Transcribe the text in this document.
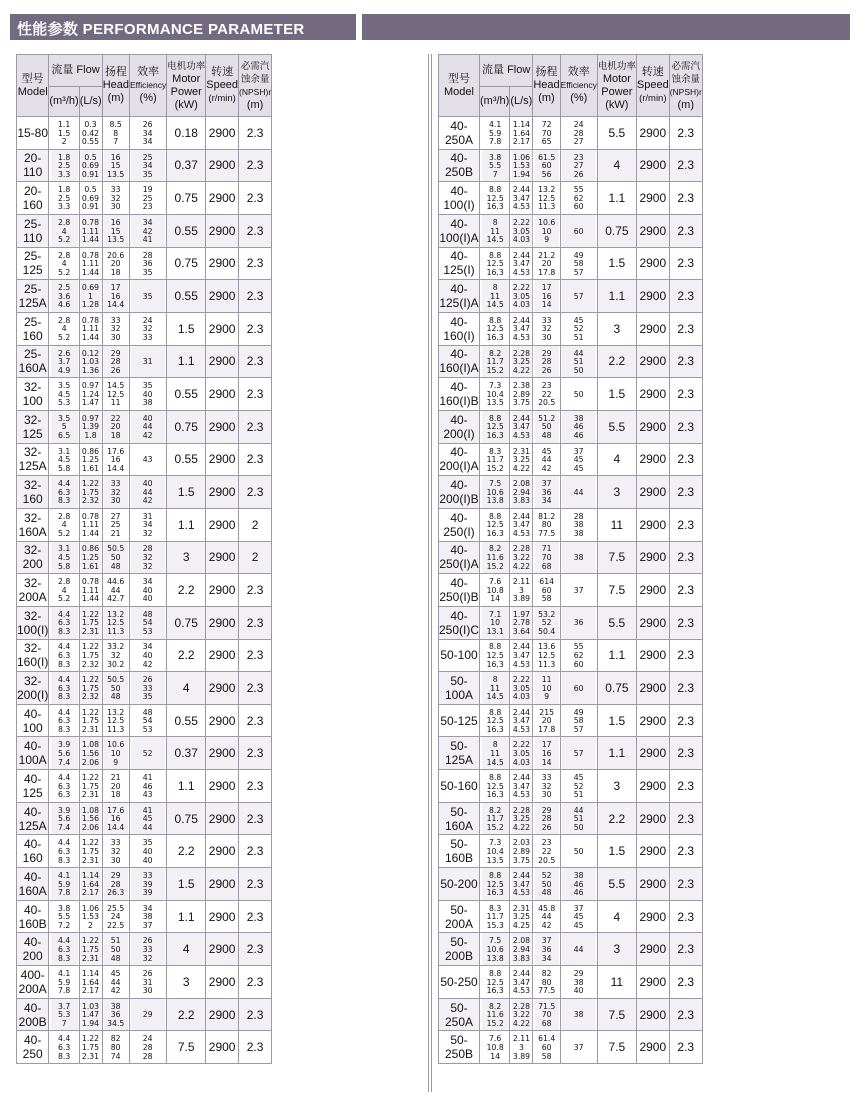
性能参数 PERFORMANCE PARAMETER
型号
Model	流量 Flow		扬程
Head
(m)	效率
Efficiency
(%)	电机功率
Motor
Power
(kW)	转速
Speed
(r/min)	必需汽
蚀余量
(NPSH)r
(m)

	(m³/h)	(L/s)					
15-80	1.1
1.5
2	0.3
0.42
0.55	8.5
8
7	26
34
34	0.18	2900	2.3
20-110	1.8
2.5
3.3	0.5
0.69
0.91	16
15
13.5	25
34
35	0.37	2900	2.3
20-160	1.8
2.5
3.3	0.5
0.69
0.91	33
32
30	19
25
23	0.75	2900	2.3
25-110	2.8
4
5.2	0.78
1.11
1.44	16
15
13.5	34
42
41	0.55	2900	2.3
25-125	2.8
4
5.2	0.78
1.11
1.44	20.6
20
18	28
36
35	0.75	2900	2.3
25-125A	2.5
3.6
4.6	0.69
1
1.28	17
16
14.4	35	0.55	2900	2.3
25-160	2.8
4
5.2	0.78
1.11
1.44	33
32
30	24
32
33	1.5	2900	2.3
25-160A	2.6
3.7
4.9	0.12
1.03
1.36	29
28
26	31	1.1	2900	2.3
32-100	3.5
4.5
5.3	0.97
1.24
1.47	14.5
12.5
11	35
40
38	0.55	2900	2.3
32-125	3.5
5
6.5	0.97
1.39
1.8	22
20
18	40
44
42	0.75	2900	2.3
32-125A	3.1
4.5
5.8	0.86
1.25
1.61	17.6
16
14.4	43	0.55	2900	2.3
32-160	4.4
6.3
8.3	1.22
1.75
2.32	33
32
30	40
44
42	1.5	2900	2.3
32-160A	2.8
4
5.2	0.78
1.11
1.44	27
25
21	31
34
32	1.1	2900	2
32-200	3.1
4.5
5.8	0.86
1.25
1.61	50.5
50
48	28
32
32	3	2900	2
32-200A	2.8
4
5.2	0.78
1.11
1.44	44.6
44
42.7	34
40
40	2.2	2900	2.3
32-100(I)	4.4
6.3
8.3	1.22
1.75
2.31	13.2
12.5
11.3	48
54
53	0.75	2900	2.3
32-160(I)	4.4
6.3
8.3	1.22
1.75
2.32	33.2
32
30.2	34
40
42	2.2	2900	2.3
32-200(I)	4.4
6.3
8.3	1.22
1.75
2.32	50.5
50
48	26
33
35	4	2900	2.3
40-100	4.4
6.3
8.3	1.22
1.75
2.31	13.2
12.5
11.3	48
54
53	0.55	2900	2.3
40-100A	3.9
5.6
7.4	1.08
1.56
2.06	10.6
10
9	52	0.37	2900	2.3
40-125	4.4
6.3
6.3	1.22
1.75
2.31	21
20
18	41
46
43	1.1	2900	2.3
40-125A	3.9
5.6
7.4	1.08
1.56
2.06	17.6
16
14.4	41
45
44	0.75	2900	2.3
40-160	4.4
6.3
8.3	1.22
1.75
2.31	33
32
30	35
40
40	2.2	2900	2.3
40-160A	4.1
5.9
7.8	1.14
1.64
2.17	29
28
26.3	33
39
39	1.5	2900	2.3
40-160B	3.8
5.5
7.2	1.06
1.53
2	25.5
24
22.5	34
38
37	1.1	2900	2.3
40-200	4.4
6.3
8.3	1.22
1.75
2.31	51
50
48	26
33
32	4	2900	2.3
400-200A	4.1
5.9
7.8	1.14
1.64
2.17	45
44
42	26
31
30	3	2900	2.3
40-200B	3.7
5.3
7	1.03
1.47
1.94	38
36
34.5	29	2.2	2900	2.3
40-250	4.4
6.3
8.3	1.22
1.75
2.31	82
80
74	24
28
28	7.5	2900	2.3
型号
Model	流量 Flow		扬程
Head
(m)	效率
Efficiency
(%)	电机功率
Motor
Power
(kW)	转速
Speed
(r/min)	必需汽
蚀余量
(NPSH)r
(m)

	(m³/h)	(L/s)					
40-250A	4.1
5.9
7.8	1.14
1.64
2.17	72
70
65	24
28
27	5.5	2900	2.3
40-250B	3.8
5.5
7	1.06
1.53
1.94	61.5
60
56	23
27
26	4	2900	2.3
40-100(I)	8.8
12.5
16.3	2.44
3.47
4.53	13.2
12.5
11.3	55
62
60	1.1	2900	2.3
40-100(I)A	8
11
14.5	2.22
3.05
4.03	10.6
10
9	60	0.75	2900	2.3
40-125(I)	8.8
12.5
16.3	2.44
3.47
4.53	21.2
20
17.8	49
58
57	1.5	2900	2.3
40-125(I)A	8
11
14.5	2.22
3.05
4.03	17
16
14	57	1.1	2900	2.3
40-160(I)	8.8
12.5
16.3	2.44
3.47
4.53	33
32
30	45
52
51	3	2900	2.3
40-160(I)A	8.2
11.7
15.2	2.28
3.25
4.22	29
28
26	44
51
50	2.2	2900	2.3
40-160(I)B	7.3
10.4
13.5	2.38
2.89
3.75	23
22
20.5	50	1.5	2900	2.3
40-200(I)	8.8
12.5
16.3	2.44
3.47
4.53	51.2
50
48	38
46
46	5.5	2900	2.3
40-200(I)A	8.3
11.7
15.2	2.31
3.25
4.22	45
44
42	37
45
45	4	2900	2.3
40-200(I)B	7.5
10.6
13.8	2.08
2.94
3.83	37
36
34	44	3	2900	2.3
40-250(I)	8.8
12.5
16.3	2.44
3.47
4.53	81.2
80
77.5	28
38
38	11	2900	2.3
40-250(I)A	8.2
11.6
15.2	2.28
3.22
4.22	71
70
68	38	7.5	2900	2.3
40-250(I)B	7.6
10.8
14	2.11
3
3.89	614
60
58	37	7.5	2900	2.3
40-250(I)C	7.1
10
13.1	1.97
2.78
3.64	53.2
52
50.4	36	5.5	2900	2.3
50-100	8.8
12.5
16.3	2.44
3.47
4.53	13.6
12.5
11.3	55
62
60	1.1	2900	2.3
50-100A	8
11
14.5	2.22
3.05
4.03	11
10
9	60	0.75	2900	2.3
50-125	8.8
12.5
16.3	2.44
3.47
4.53	215
20
17.8	49
58
57	1.5	2900	2.3
50-125A	8
11
14.5	2.22
3.05
4.03	17
16
14	57	1.1	2900	2.3
50-160	8.8
12.5
16.3	2.44
3.47
4.53	33
32
30	45
52
51	3	2900	2.3
50-160A	8.2
11.7
15.2	2.28
3.25
4.22	29
28
26	44
51
50	2.2	2900	2.3
50-160B	7.3
10.4
13.5	2.03
2.89
3.75	23
22
20.5	50	1.5	2900	2.3
50-200	8.8
12.5
16.3	2.44
3.47
4.53	52
50
48	38
46
46	5.5	2900	2.3
50-200A	8.3
11.7
15.3	2.31
3.25
4.25	45.8
44
42	37
45
45	4	2900	2.3
50-200B	7.5
10.6
13.8	2.08
2.94
3.83	37
36
34	44	3	2900	2.3
50-250	8.8
12.5
16.3	2.44
3.47
4.53	82
80
77.5	29
38
40	11	2900	2.3
50-250A	8.2
11.6
15.2	2.28
3.22
4.22	71.5
70
68	38	7.5	2900	2.3
50-250B	7.6
10.8
14	2.11
3
3.89	61.4
60
58	37	7.5	2900	2.3
